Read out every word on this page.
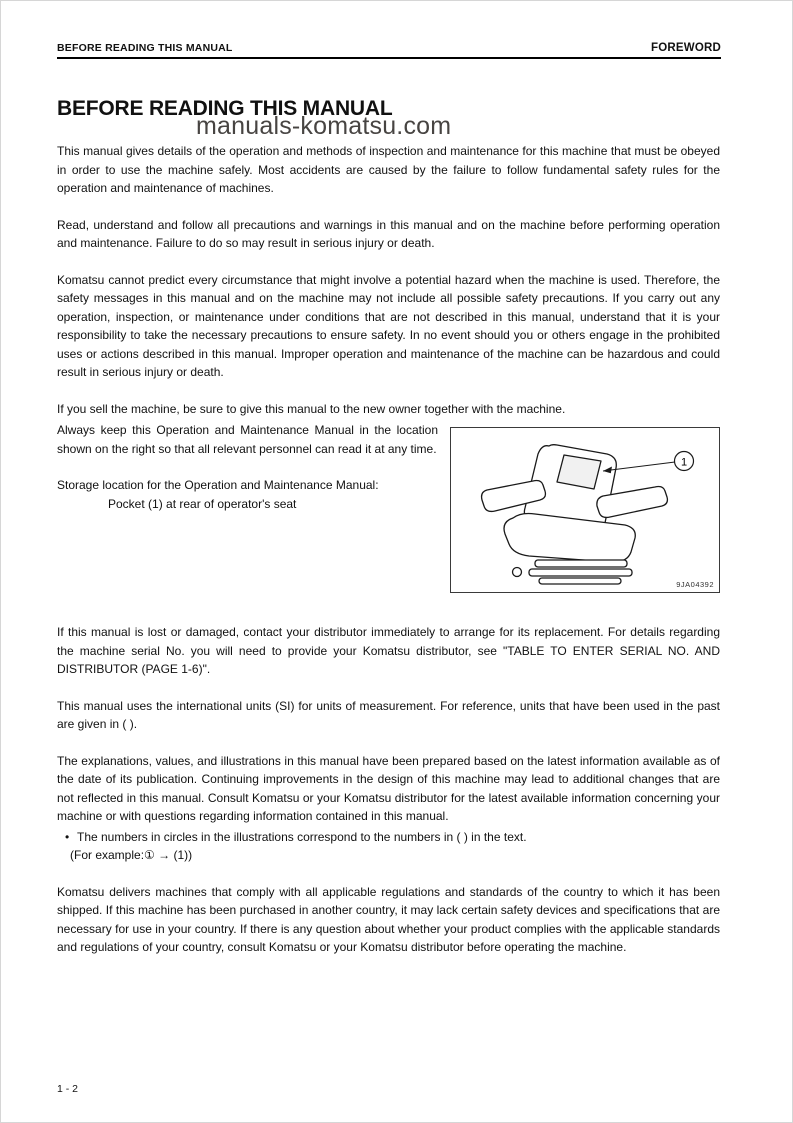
BEFORE READING THIS MANUAL	FOREWORD
BEFORE READING THIS MANUAL
manuals-komatsu.com

This manual gives details of the operation and methods of inspection and maintenance for this machine that must be obeyed in order to use the machine safely. Most accidents are caused by the failure to follow fundamental safety rules for the operation and maintenance of machines.

Read, understand and follow all precautions and warnings in this manual and on the machine before performing operation and maintenance. Failure to do so may result in serious injury or death.

Komatsu cannot predict every circumstance that might involve a potential hazard when the machine is used. Therefore, the safety messages in this manual and on the machine may not include all possible safety precautions. If you carry out any operation, inspection, or maintenance under conditions that are not described in this manual, understand that it is your responsibility to take the necessary precautions to ensure safety. In no event should you or others engage in the prohibited uses or actions described in this manual. Improper operation and maintenance of the machine can be hazardous and could result in serious injury or death.

If you sell the machine, be sure to give this manual to the new owner together with the machine.

1
9JA04392

Always keep this Operation and Maintenance Manual in the location shown on the right so that all relevant personnel can read it at any time.

Storage location for the Operation and Maintenance Manual:

Pocket (1) at rear of operator's seat

If this manual is lost or damaged, contact your distributor immediately to arrange for its replacement. For details regarding the machine serial No. you will need to provide your Komatsu distributor, see "TABLE TO ENTER SERIAL NO. AND DISTRIBUTOR (PAGE 1-6)".

This manual uses the international units (SI) for units of measurement. For reference, units that have been used in the past are given in ( ).

The explanations, values, and illustrations in this manual have been prepared based on the latest information available as of the date of its publication. Continuing improvements in the design of this machine may lead to additional changes that are not reflected in this manual. Consult Komatsu or your Komatsu distributor for the latest available information concerning your machine or with questions regarding information contained in this manual.

• The numbers in circles in the illustrations correspond to the numbers in ( ) in the text.
(For example:① → (1))

Komatsu delivers machines that comply with all applicable regulations and standards of the country to which it has been shipped. If this machine has been purchased in another country, it may lack certain safety devices and specifications that are necessary for use in your country. If there is any question about whether your product complies with the applicable standards and regulations of your country, consult Komatsu or your Komatsu distributor before operating the machine.

1 - 2
